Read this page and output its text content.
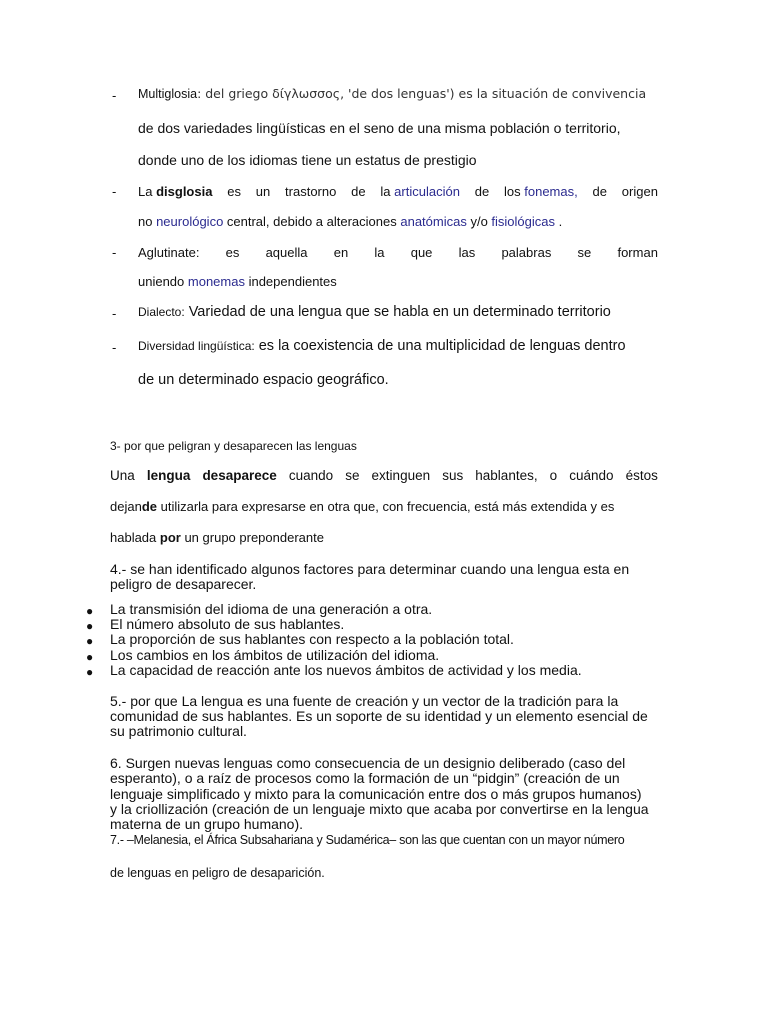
- Multiglosia: del griego δίγλωσσος, 'de dos lenguas') es la situación de convivencia
de dos variedades lingüísticas en el seno de una misma población o territorio,
donde uno de los idiomas tiene un estatus de prestigio
- La disglosia es un trastorno de la articulación de los fonemas, de origen
no neurológico central, debido a alteraciones anatómicas y/o fisiológicas .
- Aglutinate: es aquella en la que las palabras se forman
uniendo monemas independientes
- Dialecto: Variedad de una lengua que se habla en un determinado territorio
- Diversidad lingüística: es la coexistencia de una multiplicidad de lenguas dentro
de un determinado espacio geográfico.
3- por que peligran y desaparecen las lenguas
Una lengua desaparece cuando se extinguen sus hablantes, o cuándo éstos
dejande utilizarla para expresarse en otra que, con frecuencia, está más extendida y es
hablada por un grupo preponderante
4.- se han identificado algunos factores para determinar cuando una lengua esta en
peligro de desaparecer.
● La transmisión del idioma de una generación a otra.
● El número absoluto de sus hablantes.
● La proporción de sus hablantes con respecto a la población total.
● Los cambios en los ámbitos de utilización del idioma.
● La capacidad de reacción ante los nuevos ámbitos de actividad y los media.
5.- por que La lengua es una fuente de creación y un vector de la tradición para la
comunidad de sus hablantes. Es un soporte de su identidad y un elemento esencial de
su patrimonio cultural.
6. Surgen nuevas lenguas como consecuencia de un designio deliberado (caso del
esperanto), o a raíz de procesos como la formación de un “pidgin” (creación de un
lenguaje simplificado y mixto para la comunicación entre dos o más grupos humanos)
y la criollización (creación de un lenguaje mixto que acaba por convertirse en la lengua
materna de un grupo humano).
7.- –Melanesia, el África Subsahariana y Sudamérica– son las que cuentan con un mayor número
de lenguas en peligro de desaparición.
